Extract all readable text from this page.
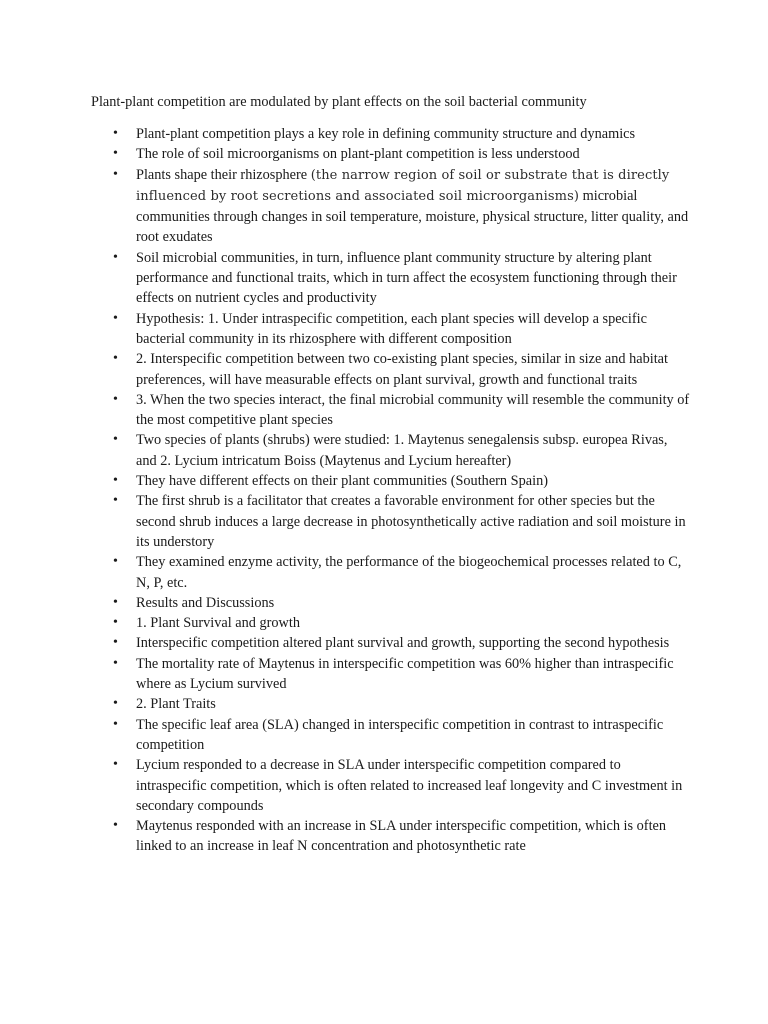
Plant-plant competition are modulated by plant effects on the soil bacterial community
• Plant-plant competition plays a key role in defining community structure and dynamics
• The role of soil microorganisms on plant-plant competition is less understood
• Plants shape their rhizosphere (the narrow region of soil or substrate that is directly influenced by root secretions and associated soil microorganisms) microbial communities through changes in soil temperature, moisture, physical structure, litter quality, and root exudates
• Soil microbial communities, in turn, influence plant community structure by altering plant performance and functional traits, which in turn affect the ecosystem functioning through their effects on nutrient cycles and productivity
• Hypothesis: 1. Under intraspecific competition, each plant species will develop a specific bacterial community in its rhizosphere with different composition
• 2. Interspecific competition between two co-existing plant species, similar in size and habitat preferences, will have measurable effects on plant survival, growth and functional traits
• 3. When the two species interact, the final microbial community will resemble the community of the most competitive plant species
• Two species of plants (shrubs) were studied: 1. Maytenus senegalensis subsp. europea Rivas, and 2. Lycium intricatum Boiss (Maytenus and Lycium hereafter)
• They have different effects on their plant communities (Southern Spain)
• The first shrub is a facilitator that creates a favorable environment for other species but the second shrub induces a large decrease in photosynthetically active radiation and soil moisture in its understory
• They examined enzyme activity, the performance of the biogeochemical processes related to C, N, P, etc.
• Results and Discussions
• 1. Plant Survival and growth
• Interspecific competition altered plant survival and growth, supporting the second hypothesis
• The mortality rate of Maytenus in interspecific competition was 60% higher than intraspecific where as Lycium survived
• 2. Plant Traits
• The specific leaf area (SLA) changed in interspecific competition in contrast to intraspecific competition
• Lycium responded to a decrease in SLA under interspecific competition compared to intraspecific competition, which is often related to increased leaf longevity and C investment in secondary compounds
• Maytenus responded with an increase in SLA under interspecific competition, which is often linked to an increase in leaf N concentration and photosynthetic rate
